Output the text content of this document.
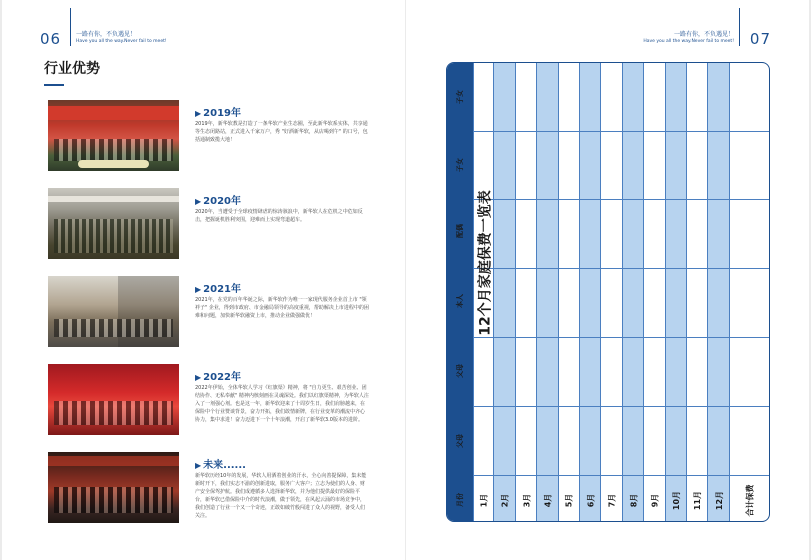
06 一路有你，不负遇见！
Have you all the way.Never fail to meet!
行业优势
▶ 2019年
2019年，新华软教是打造了一条华软产业生态圈，至此新华软系实体，共享通等生态闭路站，正式进入千家万户，秀 "好酒新华软，从店喝到午" 的口号，包括通制致揽大地！
▶ 2020年
2020年，当遭受于全球疫情肆虐的惊涛骇浪中，新华软人在危机之中危如反击，把握诞机胜利突围，迎难而上实现弯道超车。
▶ 2021年
2021年，在党的百年华诞之际，新华软作为唯一一家现代服务企业首上市 "领袢子" 企业，得到市政府、市金融局领导的高度重视，帮助解决上市进程中的困难和问题，加快新华软融资上市，推动企业做强做优！
▶ 2022年
2022年伊始，全体华软人学习《红旗渠》精神，将 "自力更生、艰苦创业、团结协作、无私奉献" 精神内核刻画在灵魂深处。我们以红旗渠精神，为华软人注入了一剂强心剂。也是这一年，新华软迎来了十周岁生日，我们肩膀越来，在保险中个行业赞谈背景，奋力开拓，我们敢情新牌，在行业变革的潮流中齐心协力，集中求进！奋力迈进下一个十年浪潮，开启了新华软3.0版本的进阶。
▶ 未来......
新华软历经10年的发展，华软人用洒着创业的汗水，全心向善提保障，集未能新时开下，我们实志不渝的创新进取，服务广大客户；立志为使们的人身、财产安全保驾护航。我们成遵循多人选择新华软，并为他们提供最好的保险平台，新华软已借保险中介的时代浪潮，做于领先，在风起云涌的市场竞争中，我们创造了行业一个又一个奇迹，正敢如破竹般闯进了众人的视野，备受人们关注。
07
一路有你，不负遇见！
Have you all the way.Never fail to meet!
子女
子女
配偶
本人
父母
父母
月份
12个月家庭保费一览表
1月 2月 3月 4月 5月 6月 7月 8月 9月 10月 11月 12月	合计保费
